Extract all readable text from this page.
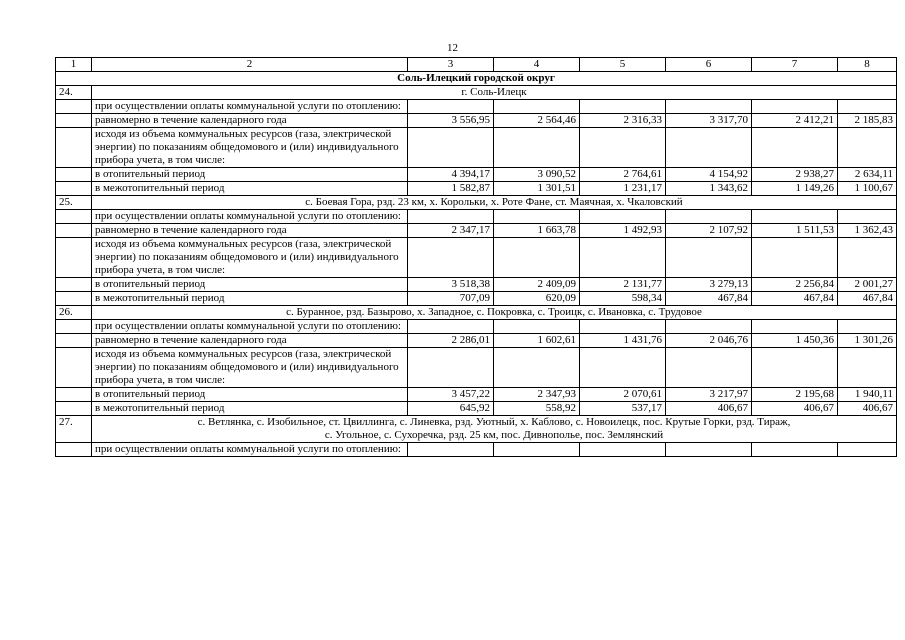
12
1	2	3	4	5	6	7	8
Соль-Илецкий городской округ							
24.	г. Соль-Илецк						

	при осуществлении оплаты коммунальной услуги по отоплению:						
	равномерно в течение календарного года	3 556,95	2 564,46	2 316,33	3 317,70	2 412,21	2 185,83
	исходя из объема коммунальных ресурсов (газа, электрической энергии) по показаниям общедомового и (или) индивидуального прибора учета, в том числе:						
	в отопительный период	4 394,17	3 090,52	2 764,61	4 154,92	2 938,27	2 634,11
	в межотопительный период	1 582,87	1 301,51	1 231,17	1 343,62	1 149,26	1 100,67
25.	с. Боевая Гора, рзд. 23 км, х. Корольки, х. Роте Фане, ст. Маячная, х. Чкаловский						

	при осуществлении оплаты коммунальной услуги по отоплению:						
	равномерно в течение календарного года	2 347,17	1 663,78	1 492,93	2 107,92	1 511,53	1 362,43
	исходя из объема коммунальных ресурсов (газа, электрической энергии) по показаниям общедомового и (или) индивидуального прибора учета, в том числе:						
	в отопительный период	3 518,38	2 409,09	2 131,77	3 279,13	2 256,84	2 001,27
	в межотопительный период	707,09	620,09	598,34	467,84	467,84	467,84
26.	с. Буранное, рзд. Базырово, х. Западное, с. Покровка, с. Троицк, с. Ивановка, с. Трудовое						

	при осуществлении оплаты коммунальной услуги по отоплению:						
	равномерно в течение календарного года	2 286,01	1 602,61	1 431,76	2 046,76	1 450,36	1 301,26
	исходя из объема коммунальных ресурсов (газа, электрической энергии) по показаниям общедомового и (или) индивидуального прибора учета, в том числе:						
	в отопительный период	3 457,22	2 347,93	2 070,61	3 217,97	2 195,68	1 940,11
	в межотопительный период	645,92	558,92	537,17	406,67	406,67	406,67
27.	с. Ветлянка, с. Изобильное, ст. Цвиллинга, с. Линевка, рзд. Уютный, х. Каблово, с. Новоилецк, пос. Крутые Горки, рзд. Тираж,
с. Угольное, с. Сухоречка, рзд. 25 км, пос. Дивнополье, пос. Землянский						

	при осуществлении оплаты коммунальной услуги по отоплению:						
